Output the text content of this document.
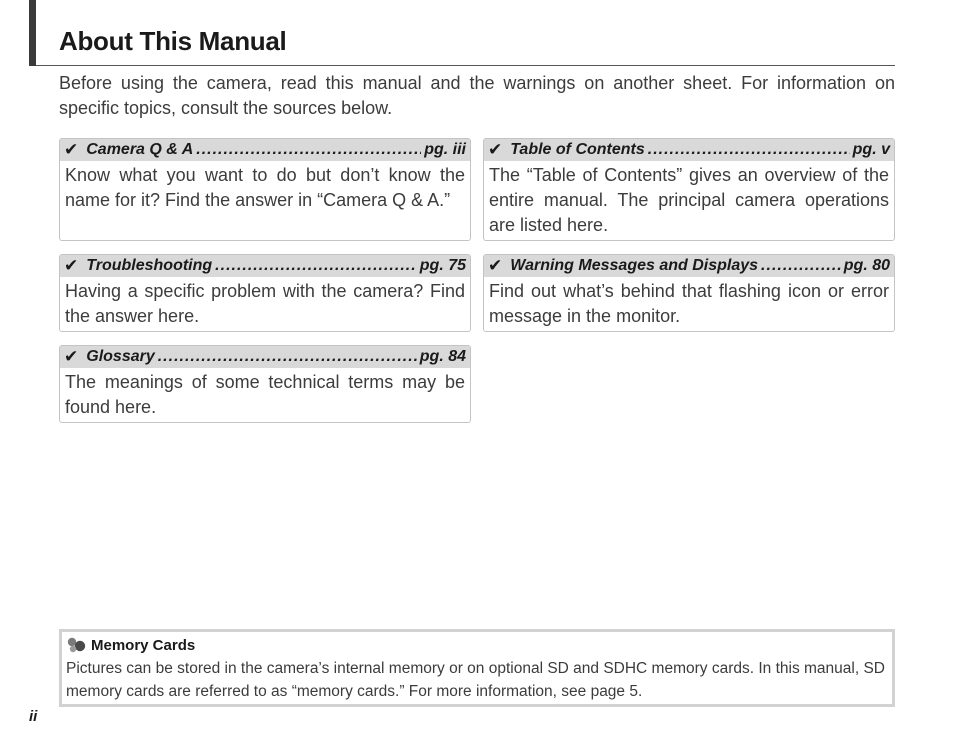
About This Manual

Before using the camera, read this manual and the warnings on another sheet. For information on specific topics, consult the sources below.

✔ Camera Q & A .....	pg. iii

Know what you want to do but don’t know the name for it? Find the answer in “Camera Q & A.”

✔ Table of Contents .....	pg. v

The “Table of Contents” gives an overview of the entire manual. The principal camera operations are listed here.

✔ Troubleshooting .....	pg. 75

Having a specific problem with the camera? Find the answer here.

✔ Warning Messages and Displays .....	pg. 80

Find out what’s behind that flashing icon or error message in the monitor.

✔ Glossary .....	pg. 84

The meanings of some technical terms may be found here.

Memory Cards

Pictures can be stored in the camera’s internal memory or on optional SD and SDHC memory cards. In this manual, SD memory cards are referred to as “memory cards.” For more information, see page 5.

ii
